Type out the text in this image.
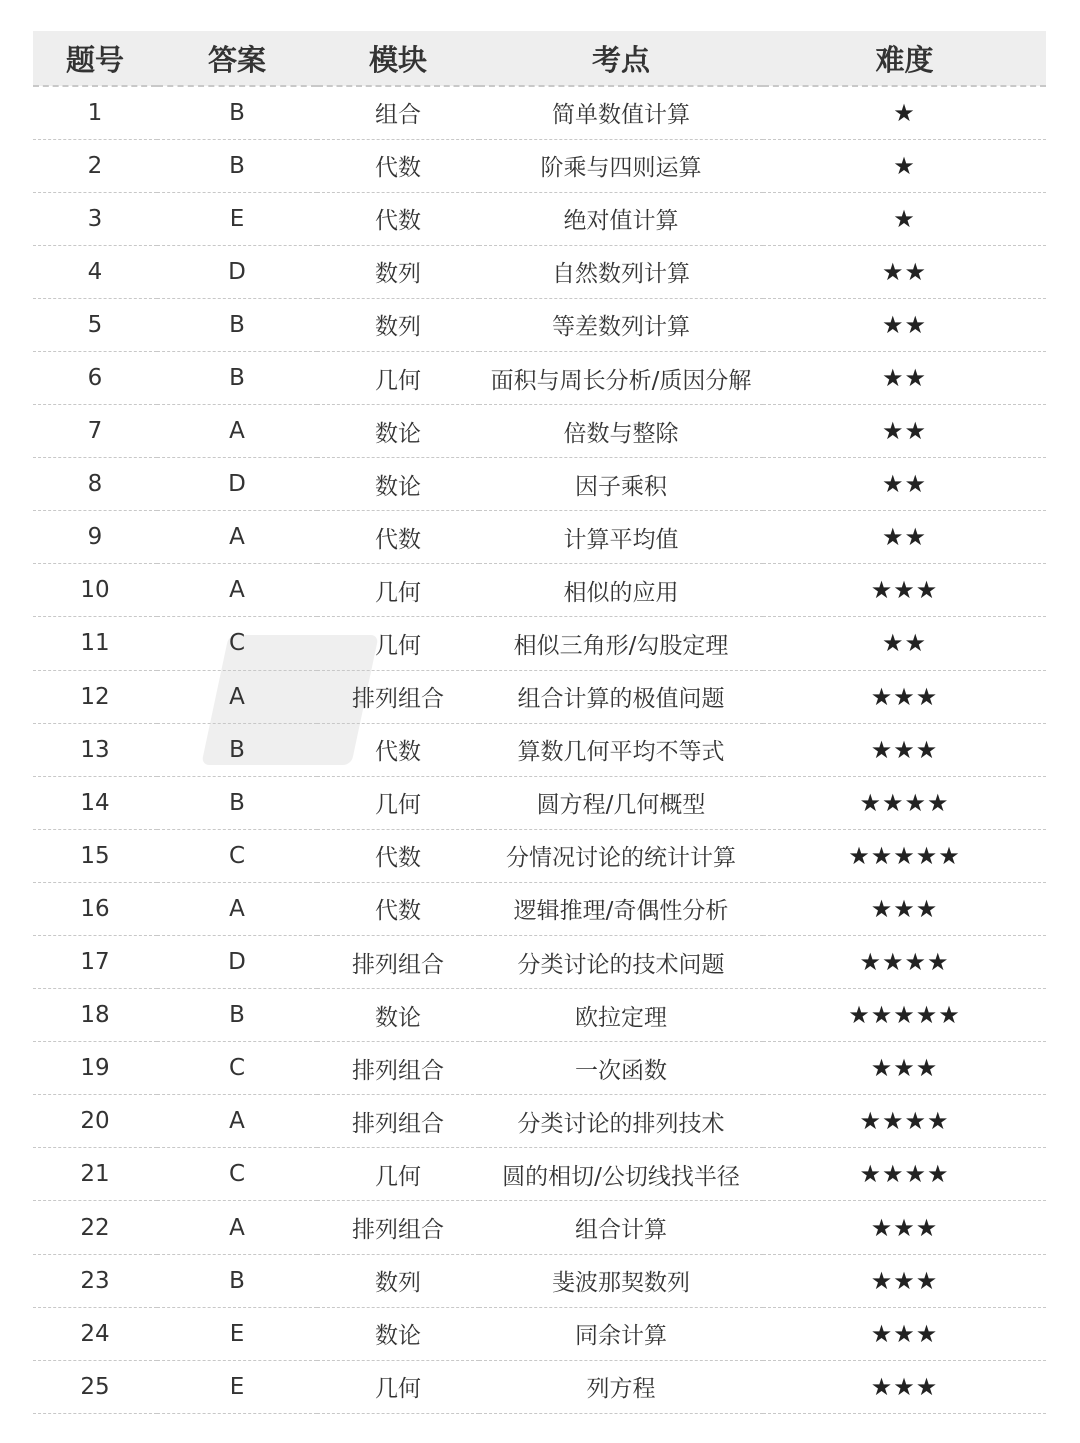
题号	答案	模块	考点	难度
1	B	组合	简单数值计算	★
2	B	代数	阶乘与四则运算	★
3	E	代数	绝对值计算	★
4	D	数列	自然数列计算	★★
5	B	数列	等差数列计算	★★
6	B	几何	面积与周长分析/质因分解	★★
7	A	数论	倍数与整除	★★
8	D	数论	因子乘积	★★
9	A	代数	计算平均值	★★
10	A	几何	相似的应用	★★★
11	C	几何	相似三角形/勾股定理	★★
12	A	排列组合	组合计算的极值问题	★★★
13	B	代数	算数几何平均不等式	★★★
14	B	几何	圆方程/几何概型	★★★★
15	C	代数	分情况讨论的统计计算	★★★★★
16	A	代数	逻辑推理/奇偶性分析	★★★
17	D	排列组合	分类讨论的技术问题	★★★★
18	B	数论	欧拉定理	★★★★★
19	C	排列组合	一次函数	★★★
20	A	排列组合	分类讨论的排列技术	★★★★
21	C	几何	圆的相切/公切线找半径	★★★★
22	A	排列组合	组合计算	★★★
23	B	数列	斐波那契数列	★★★
24	E	数论	同余计算	★★★
25	E	几何	列方程	★★★
